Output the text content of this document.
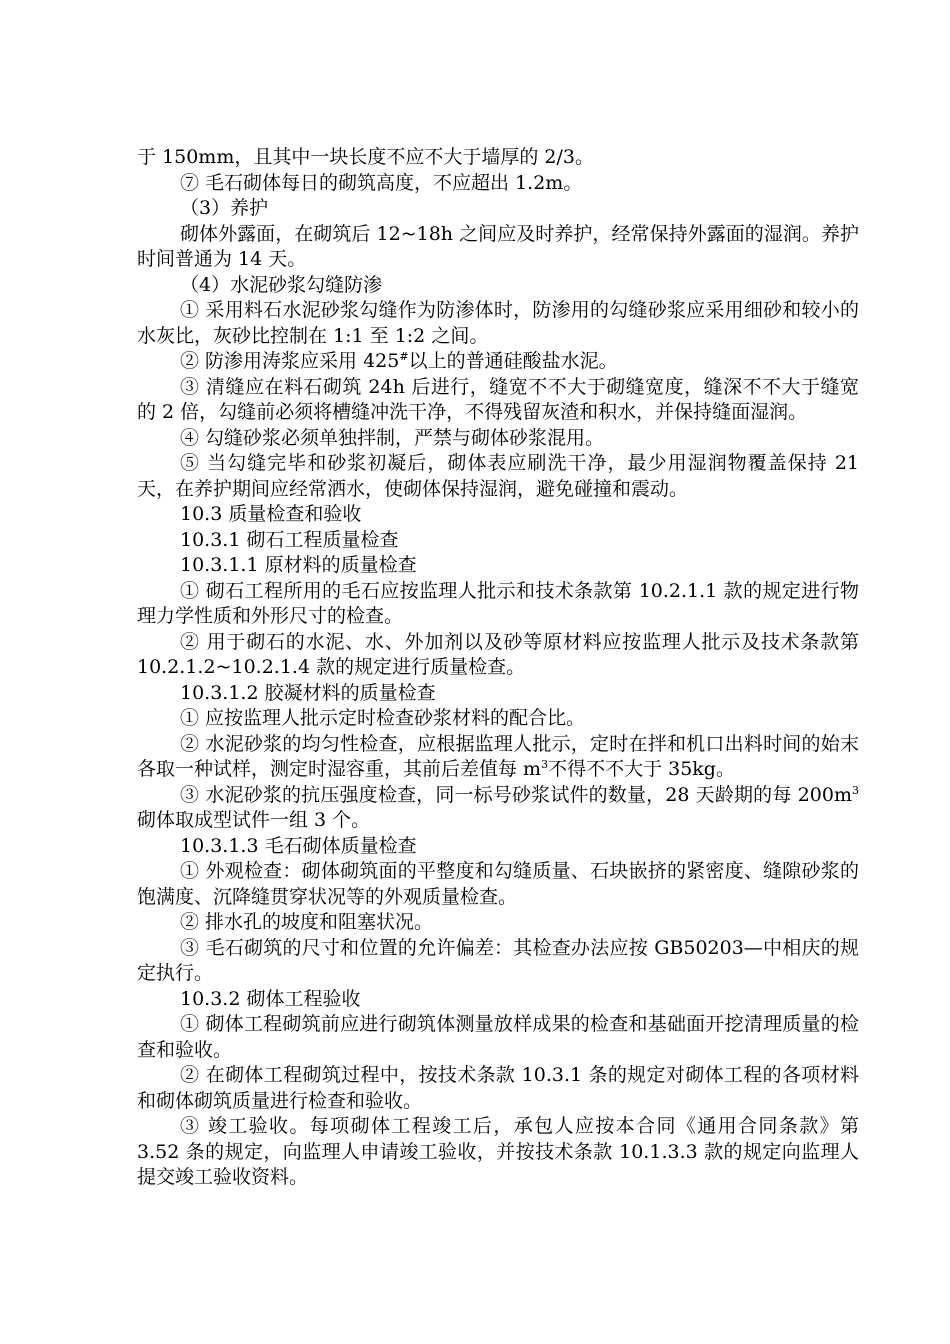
于 150mm，且其中一块长度不应不大于墙厚的 2/3。

⑦ 毛石砌体每日的砌筑高度，不应超出 1.2m。

（3）养护

砌体外露面，在砌筑后 12~18h 之间应及时养护，经常保持外露面的湿润。养护时间普通为 14 天。

（4）水泥砂浆勾缝防渗

① 采用料石水泥砂浆勾缝作为防渗体时，防渗用的勾缝砂浆应采用细砂和较小的水灰比，灰砂比控制在 1:1 至 1:2 之间。

② 防渗用涛浆应采用 425#以上的普通硅酸盐水泥。

③ 清缝应在料石砌筑 24h 后进行，缝宽不不大于砌缝宽度，缝深不不大于缝宽的 2 倍，勾缝前必须将槽缝冲洗干净，不得残留灰渣和积水，并保持缝面湿润。

④ 勾缝砂浆必须单独拌制，严禁与砌体砂浆混用。

⑤ 当勾缝完毕和砂浆初凝后，砌体表应刷洗干净，最少用湿润物覆盖保持 21 天，在养护期间应经常洒水，使砌体保持湿润，避免碰撞和震动。

10.3 质量检查和验收

10.3.1 砌石工程质量检查

10.3.1.1 原材料的质量检查

① 砌石工程所用的毛石应按监理人批示和技术条款第 10.2.1.1 款的规定进行物理力学性质和外形尺寸的检查。

② 用于砌石的水泥、水、外加剂以及砂等原材料应按监理人批示及技术条款第 10.2.1.2~10.2.1.4 款的规定进行质量检查。

10.3.1.2 胶凝材料的质量检查

① 应按监理人批示定时检查砂浆材料的配合比。

② 水泥砂浆的均匀性检查，应根据监理人批示，定时在拌和机口出料时间的始末各取一种试样，测定时湿容重，其前后差值每 $m^3$不得不不大于 35kg。

③ 水泥砂浆的抗压强度检查，同一标号砂浆试件的数量，28 天龄期的每 $200m^3$砌体取成型试件一组 3 个。

10.3.1.3 毛石砌体质量检查

① 外观检查：砌体砌筑面的平整度和勾缝质量、石块嵌挤的紧密度、缝隙砂浆的饱满度、沉降缝贯穿状况等的外观质量检查。

② 排水孔的坡度和阻塞状况。

③ 毛石砌筑的尺寸和位置的允许偏差：其检查办法应按 GB50203—中相庆的规定执行。

10.3.2 砌体工程验收

① 砌体工程砌筑前应进行砌筑体测量放样成果的检查和基础面开挖清理质量的检查和验收。

② 在砌体工程砌筑过程中，按技术条款 10.3.1 条的规定对砌体工程的各项材料和砌体砌筑质量进行检查和验收。

③ 竣工验收。每项砌体工程竣工后，承包人应按本合同《通用合同条款》第 3.52 条的规定，向监理人申请竣工验收，并按技术条款 10.1.3.3 款的规定向监理人提交竣工验收资料。
